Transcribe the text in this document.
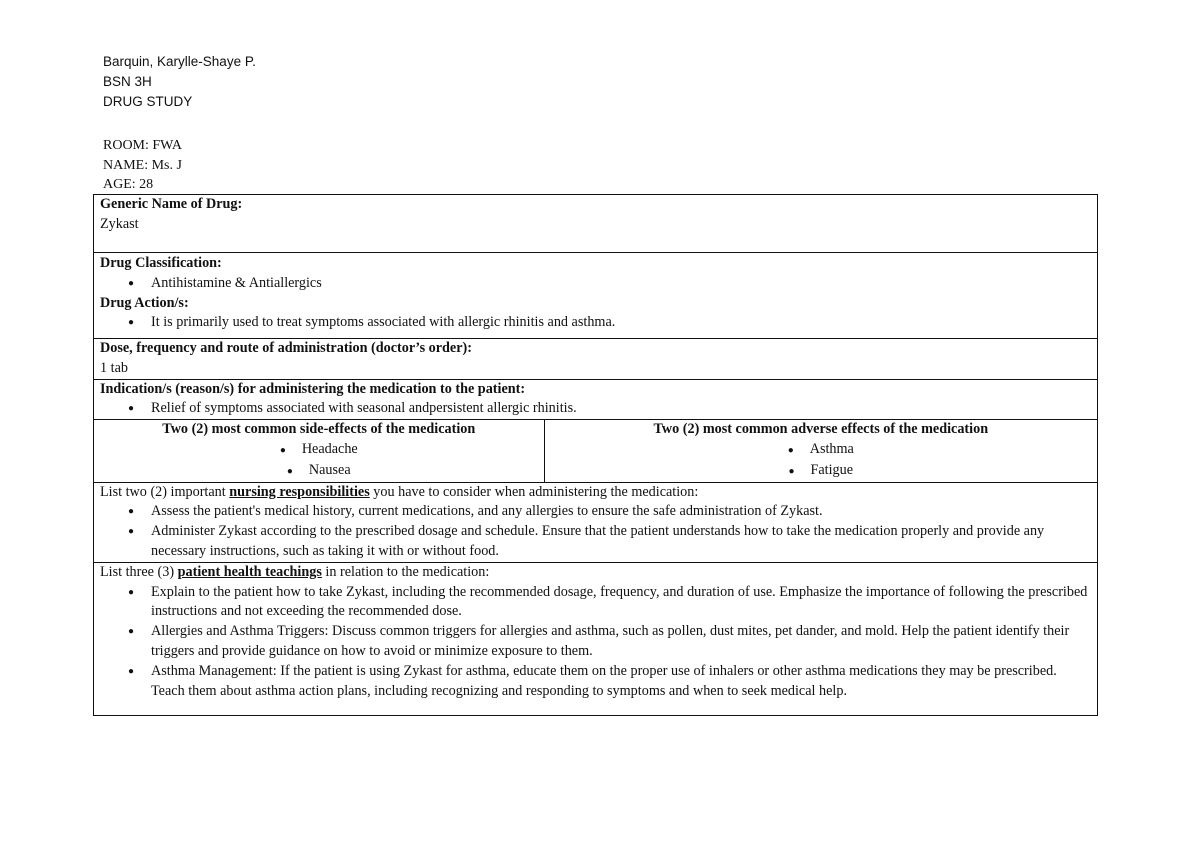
Barquin, Karylle-Shaye P.
BSN 3H
DRUG STUDY
ROOM: FWA
NAME: Ms. J
AGE: 28
Generic Name of Drug:
Zykast

Drug Classification:
● Antihistamine & Antiallergics
Drug Action/s:
● It is primarily used to treat symptoms associated with allergic rhinitis and asthma.

Dose, frequency and route of administration (doctor’s order):
1 tab

Indication/s (reason/s) for administering the medication to the patient:
● Relief of symptoms associated with seasonal andpersistent allergic rhinitis.

Two (2) most common side-effects of the medication
● Headache
● Nausea

Two (2) most common adverse effects of the medication
● Asthma
● Fatigue

List two (2) important nursing responsibilities you have to consider when administering the medication:
● Assess the patient's medical history, current medications, and any allergies to ensure the safe administration of Zykast.
● Administer Zykast according to the prescribed dosage and schedule. Ensure that the patient understands how to take the medication properly and provide any necessary instructions, such as taking it with or without food.

List three (3) patient health teachings in relation to the medication:
● Explain to the patient how to take Zykast, including the recommended dosage, frequency, and duration of use. Emphasize the importance of following the prescribed instructions and not exceeding the recommended dose.
● Allergies and Asthma Triggers: Discuss common triggers for allergies and asthma, such as pollen, dust mites, pet dander, and mold. Help the patient identify their triggers and provide guidance on how to avoid or minimize exposure to them.
● Asthma Management: If the patient is using Zykast for asthma, educate them on the proper use of inhalers or other asthma medications they may be prescribed. Teach them about asthma action plans, including recognizing and responding to symptoms and when to seek medical help.
